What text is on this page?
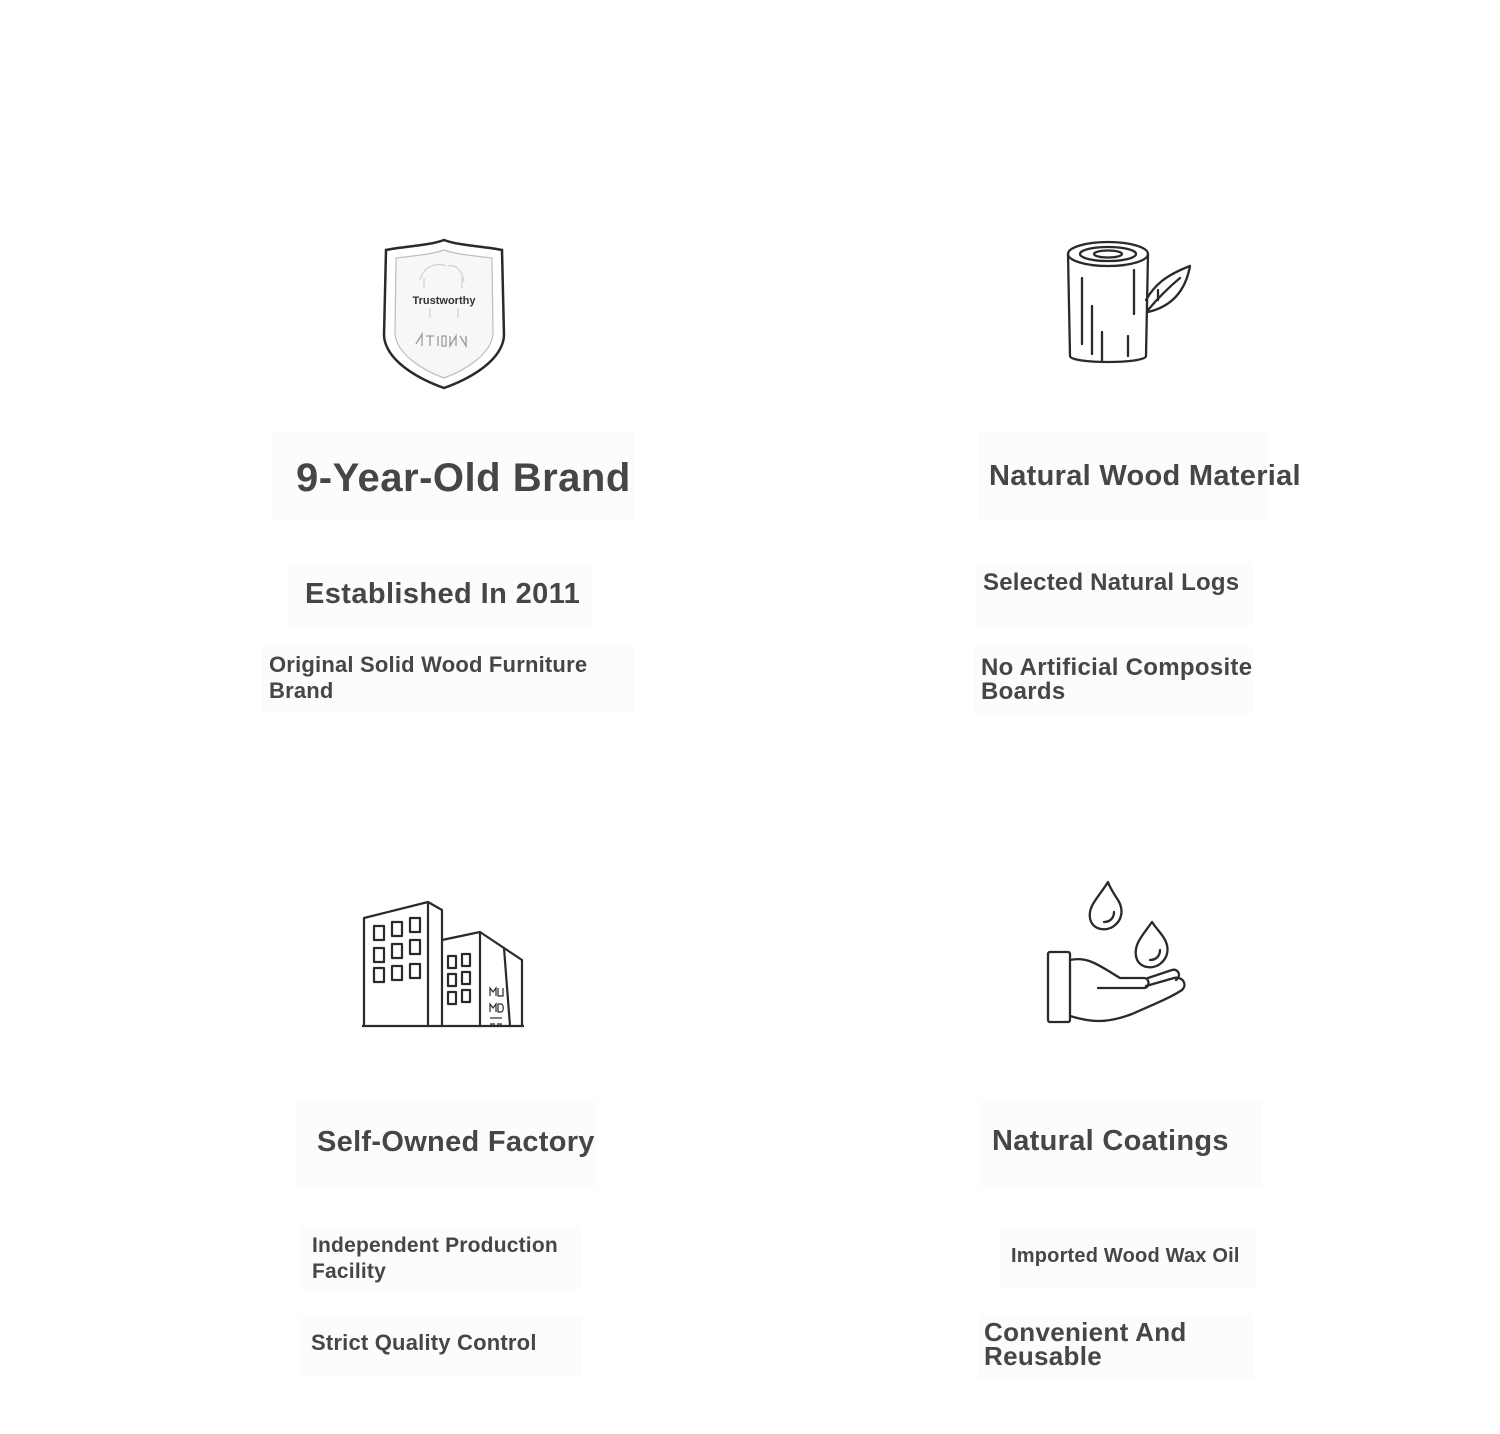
Trustworthy
9-Year-Old Brand
Established In 2011
Original Solid Wood Furniture Brand
Natural Wood Material
Selected Natural Logs
No Artificial Composite Boards
Self-Owned Factory
Independent Production Facility
Strict Quality Control
Natural Coatings
Imported Wood Wax Oil
Convenient And Reusable
